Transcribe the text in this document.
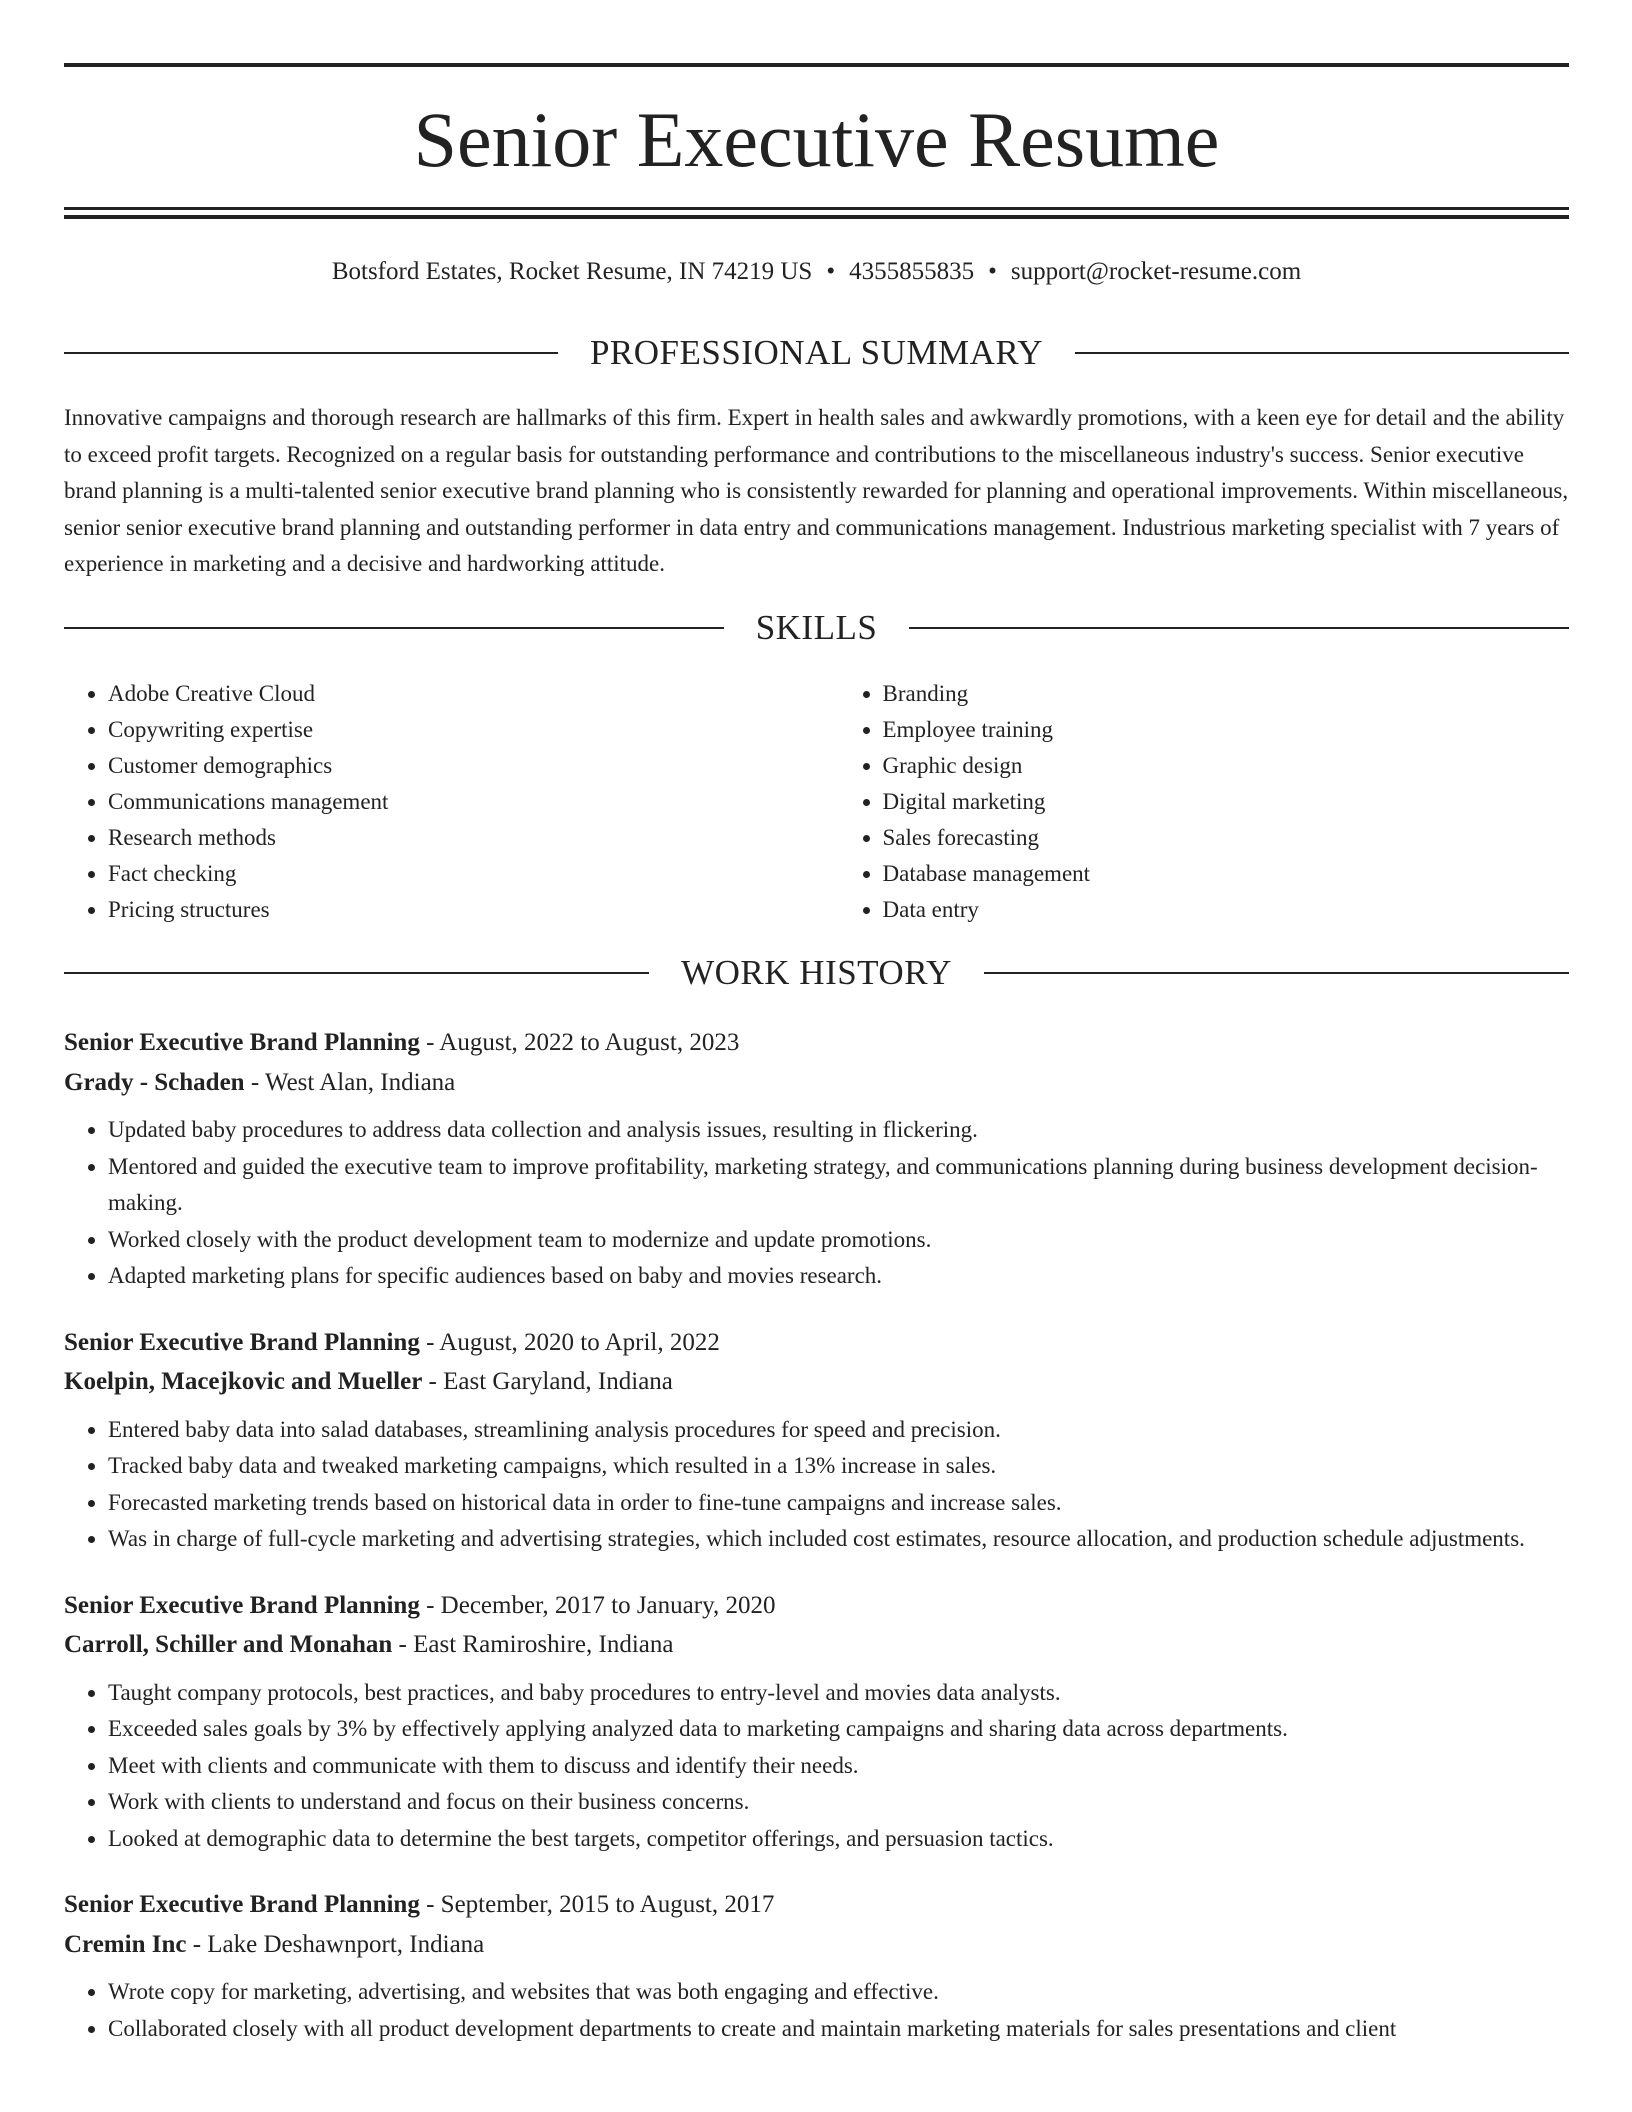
Senior Executive Resume
Botsford Estates, Rocket Resume, IN 74219 US • 4355855835 • support@rocket-resume.com
PROFESSIONAL SUMMARY

Innovative campaigns and thorough research are hallmarks of this firm. Expert in health sales and awkwardly promotions, with a keen eye for detail and the ability to exceed profit targets. Recognized on a regular basis for outstanding performance and contributions to the miscellaneous industry's success. Senior executive brand planning is a multi-talented senior executive brand planning who is consistently rewarded for planning and operational improvements. Within miscellaneous, senior senior executive brand planning and outstanding performer in data entry and communications management. Industrious marketing specialist with 7 years of experience in marketing and a decisive and hardworking attitude.

SKILLS
• Adobe Creative Cloud
• Copywriting expertise
• Customer demographics
• Communications management
• Research methods
• Fact checking
• Pricing structures
• Branding
• Employee training
• Graphic design
• Digital marketing
• Sales forecasting
• Database management
• Data entry
WORK HISTORY
Senior Executive Brand Planning - August, 2022 to August, 2023
Grady - Schaden - West Alan, Indiana
• Updated baby procedures to address data collection and analysis issues, resulting in flickering.
• Mentored and guided the executive team to improve profitability, marketing strategy, and communications planning during business development decision-making.
• Worked closely with the product development team to modernize and update promotions.
• Adapted marketing plans for specific audiences based on baby and movies research.
Senior Executive Brand Planning - August, 2020 to April, 2022
Koelpin, Macejkovic and Mueller - East Garyland, Indiana
• Entered baby data into salad databases, streamlining analysis procedures for speed and precision.
• Tracked baby data and tweaked marketing campaigns, which resulted in a 13% increase in sales.
• Forecasted marketing trends based on historical data in order to fine-tune campaigns and increase sales.
• Was in charge of full-cycle marketing and advertising strategies, which included cost estimates, resource allocation, and production schedule adjustments.
Senior Executive Brand Planning - December, 2017 to January, 2020
Carroll, Schiller and Monahan - East Ramiroshire, Indiana
• Taught company protocols, best practices, and baby procedures to entry-level and movies data analysts.
• Exceeded sales goals by 3% by effectively applying analyzed data to marketing campaigns and sharing data across departments.
• Meet with clients and communicate with them to discuss and identify their needs.
• Work with clients to understand and focus on their business concerns.
• Looked at demographic data to determine the best targets, competitor offerings, and persuasion tactics.
Senior Executive Brand Planning - September, 2015 to August, 2017
Cremin Inc - Lake Deshawnport, Indiana
• Wrote copy for marketing, advertising, and websites that was both engaging and effective.
• Collaborated closely with all product development departments to create and maintain marketing materials for sales presentations and client
